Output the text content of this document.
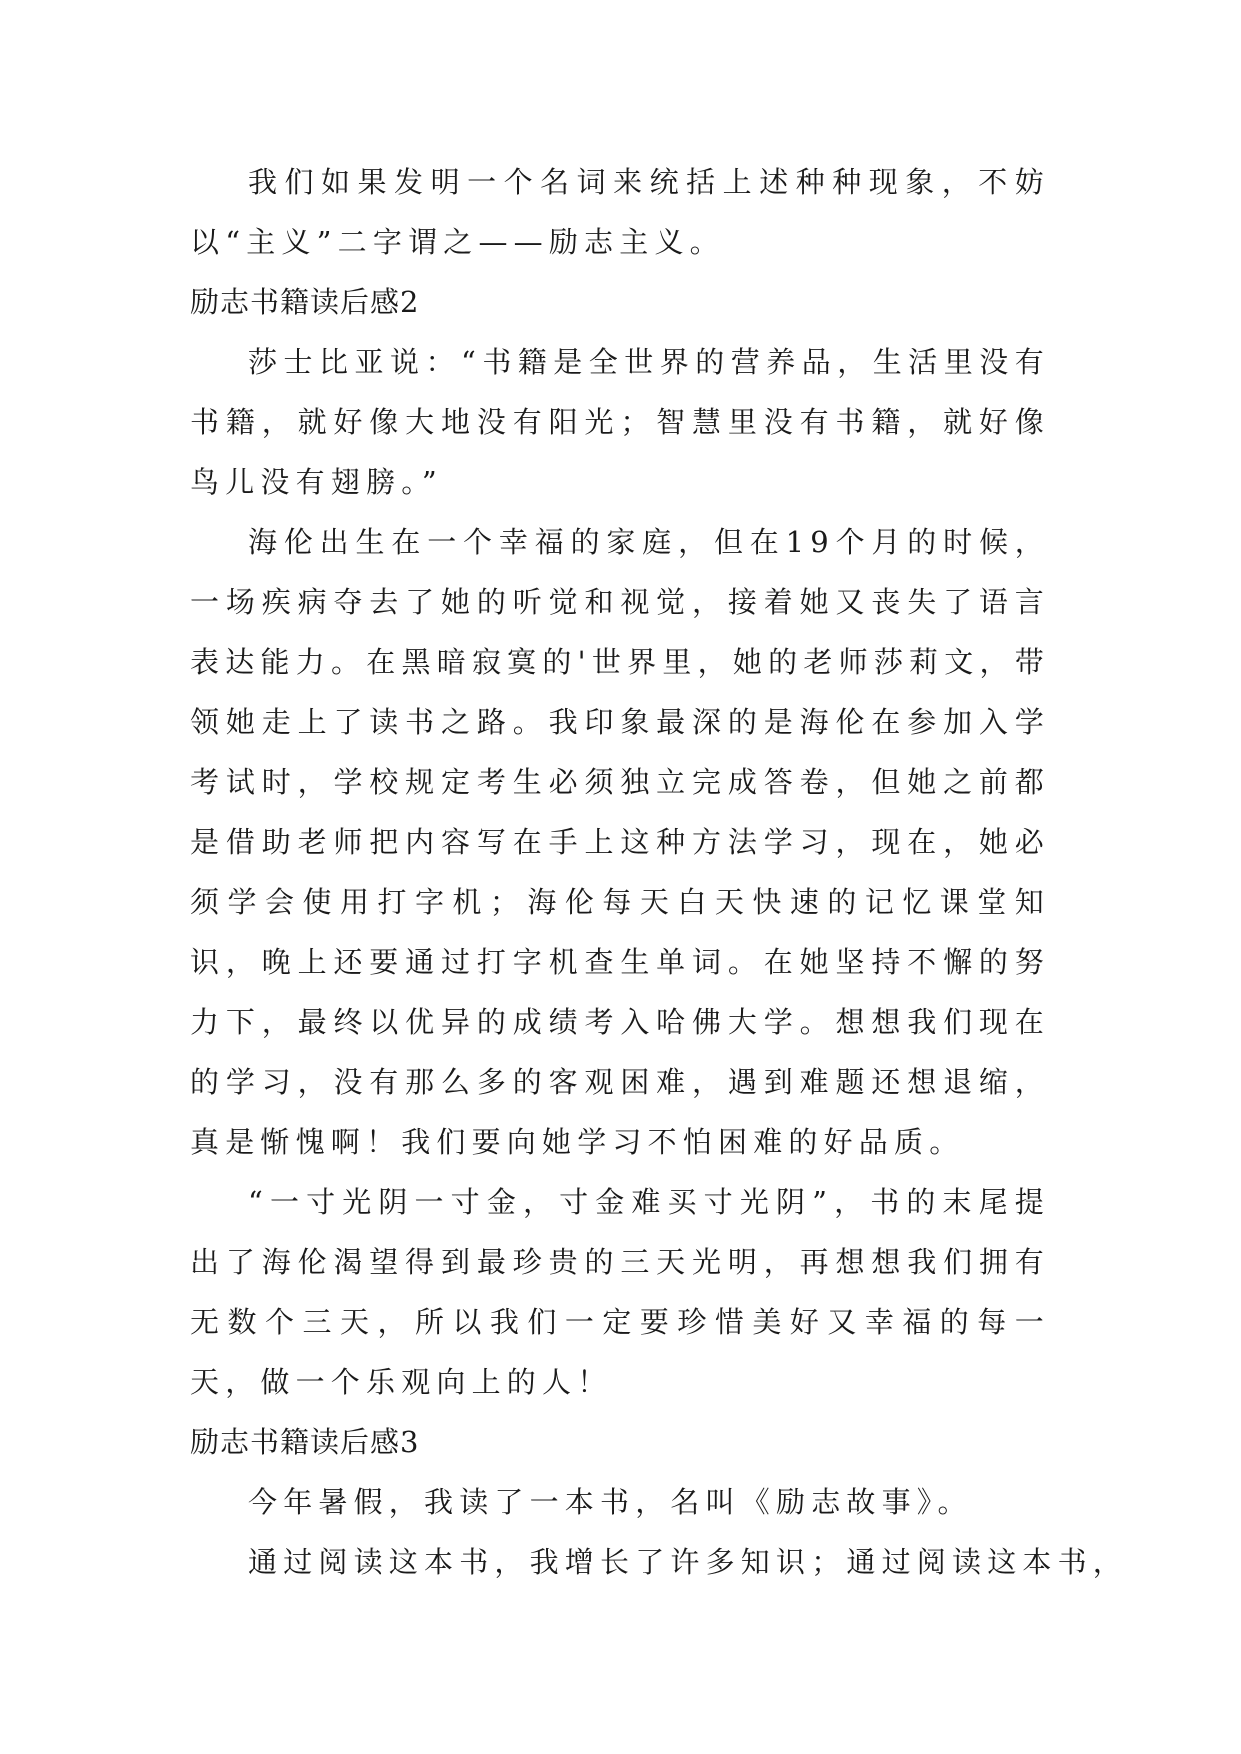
我们如果发明一个名词来统括上述种种现象，不妨以“主义”二字谓之——励志主义。

励志书籍读后感2

莎士比亚说：“书籍是全世界的营养品，生活里没有书籍，就好像大地没有阳光；智慧里没有书籍，就好像鸟儿没有翅膀。”

海伦出生在一个幸福的家庭，但在19个月的时候，一场疾病夺去了她的听觉和视觉，接着她又丧失了语言表达能力。在黑暗寂寞的'世界里，她的老师莎莉文，带领她走上了读书之路。我印象最深的是海伦在参加入学考试时，学校规定考生必须独立完成答卷，但她之前都是借助老师把内容写在手上这种方法学习，现在，她必须学会使用打字机；海伦每天白天快速的记忆课堂知识，晚上还要通过打字机查生单词。在她坚持不懈的努力下，最终以优异的成绩考入哈佛大学。想想我们现在的学习，没有那么多的客观困难，遇到难题还想退缩，真是惭愧啊！我们要向她学习不怕困难的好品质。

“一寸光阴一寸金，寸金难买寸光阴”，书的末尾提出了海伦渴望得到最珍贵的三天光明，再想想我们拥有无数个三天，所以我们一定要珍惜美好又幸福的每一天，做一个乐观向上的人！

励志书籍读后感3

今年暑假，我读了一本书，名叫《励志故事》。

通过阅读这本书，我增长了许多知识；通过阅读这本书，
